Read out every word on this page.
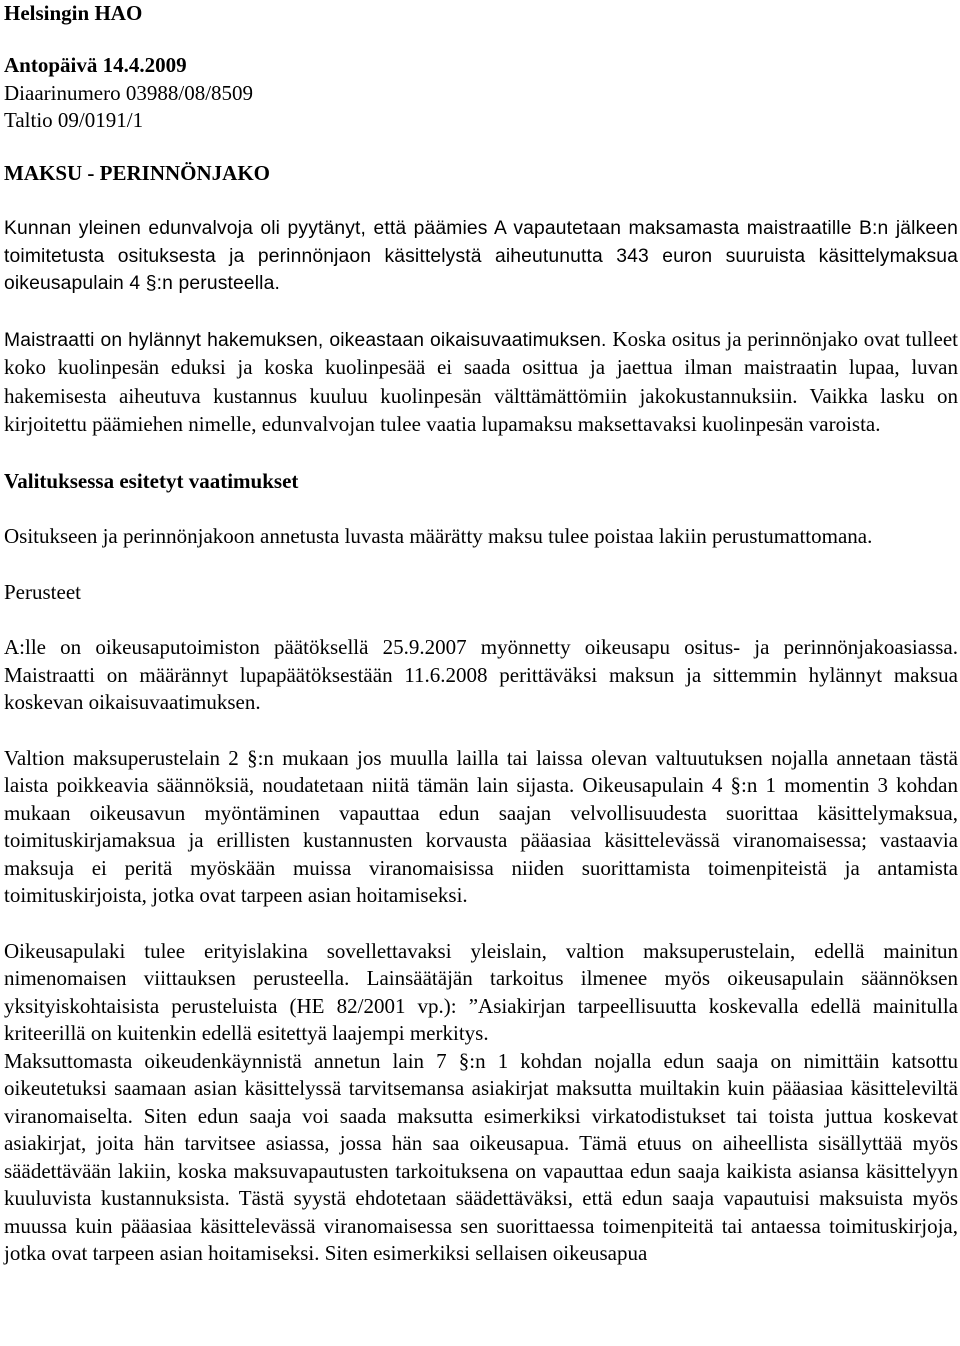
Helsingin HAO

Antopäivä 14.4.2009

Diaarinumero 03988/08/8509

Taltio 09/0191/1

MAKSU - PERINNÖNJAKO

Kunnan yleinen edunvalvoja oli pyytänyt, että päämies A vapautetaan maksamasta maistraatille B:n jälkeen toimitetusta osituksesta ja perinnönjaon käsittelystä aiheutunutta 343 euron suuruista käsittelymaksua oikeusapulain 4 §:n perusteella.

Maistraatti on hylännyt hakemuksen, oikeastaan oikaisuvaatimuksen. Koska ositus ja perinnönjako ovat tulleet koko kuolinpesän eduksi ja koska kuolinpesää ei saada osittua ja jaettua ilman maistraatin lupaa, luvan hakemisesta aiheutuva kustannus kuuluu kuolinpesän välttämättömiin jakokustannuksiin. Vaikka lasku on kirjoitettu päämiehen nimelle, edunvalvojan tulee vaatia lupamaksu maksettavaksi kuolinpesän varoista.

Valituksessa esitetyt vaatimukset

Ositukseen ja perinnönjakoon annetusta luvasta määrätty maksu tulee poistaa lakiin perustumattomana.

Perusteet

A:lle on oikeusaputoimiston päätöksellä 25.9.2007 myönnetty oikeusapu ositus- ja perinnönjakoasiassa. Maistraatti on määrännyt lupapäätöksestään 11.6.2008 perittäväksi maksun ja sittemmin hylännyt maksua koskevan oikaisuvaatimuksen.

Valtion maksuperustelain 2 §:n mukaan jos muulla lailla tai laissa olevan valtuutuksen nojalla annetaan tästä laista poikkeavia säännöksiä, noudatetaan niitä tämän lain sijasta. Oikeusapulain 4 §:n 1 momentin 3 kohdan mukaan oikeusavun myöntäminen vapauttaa edun saajan velvollisuudesta suorittaa käsittelymaksua, toimituskirjamaksua ja erillisten kustannusten korvausta pääasiaa käsittelevässä viranomaisessa; vastaavia maksuja ei peritä myöskään muissa viranomaisissa niiden suorittamista toimenpiteistä ja antamista toimituskirjoista, jotka ovat tarpeen asian hoitamiseksi.

Oikeusapulaki tulee erityislakina sovellettavaksi yleislain, valtion maksuperustelain, edellä mainitun nimenomaisen viittauksen perusteella. Lainsäätäjän tarkoitus ilmenee myös oikeusapulain säännöksen yksityiskohtaisista perusteluista (HE 82/2001 vp.): ”Asiakirjan tarpeellisuutta koskevalla edellä mainitulla kriteerillä on kuitenkin edellä esitettyä laajempi merkitys.

Maksuttomasta oikeudenkäynnistä annetun lain 7 §:n 1 kohdan nojalla edun saaja on nimittäin katsottu oikeutetuksi saamaan asian käsittelyssä tarvitsemansa asiakirjat maksutta muiltakin kuin pääasiaa käsitteleviltä viranomaiselta. Siten edun saaja voi saada maksutta esimerkiksi virkatodistukset tai toista juttua koskevat asiakirjat, joita hän tarvitsee asiassa, jossa hän saa oikeusapua. Tämä etuus on aiheellista sisällyttää myös säädettävään lakiin, koska maksuvapautusten tarkoituksena on vapauttaa edun saaja kaikista asiansa käsittelyyn kuuluvista kustannuksista. Tästä syystä ehdotetaan säädettäväksi, että edun saaja vapautuisi maksuista myös muussa kuin pääasiaa käsittelevässä viranomaisessa sen suorittaessa toimenpiteitä tai antaessa toimituskirjoja, jotka ovat tarpeen asian hoitamiseksi. Siten esimerkiksi sellaisen oikeusapua
